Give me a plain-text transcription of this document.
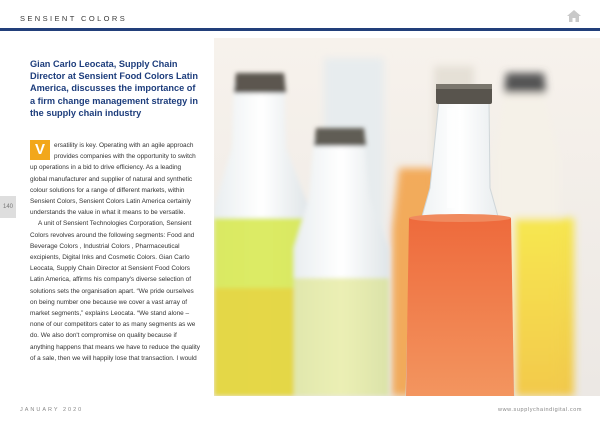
SENSIENT COLORS
140
Gian Carlo Leocata, Supply Chain Director at Sensient Food Colors Latin America, discusses the importance of a firm change management strategy in the supply chain industry
V	ersatility is key. Operating with an agile approach provides companies with the opportunity to switch up operations in a bid to drive efficiency. As a leading global manufacturer and supplier of natural and synthetic colour solutions for a range of different markets, within Sensient Colors, Sensient Colors Latin America certainly understands the value in what it means to be versatile.

A unit of Sensient Technologies Corporation, Sensient Colors revolves around the following segments: Food and Beverage Colors , Industrial Colors , Pharmaceutical excipients, Digital Inks and Cosmetic Colors. Gian Carlo Leocata, Supply Chain Director at Sensient Food Colors Latin America, affirms his company's diverse selection of solutions sets the organisation apart. “We pride ourselves on being number one because we cover a vast array of market segments,” explains Leocata. “We stand alone – none of our competitors cater to as many segments as we do. We also don't compromise on quality because if anything happens that means we have to reduce the quality of a sale, then we will happily lose that transaction. I would

JANUARY 2020	www.supplychaindigital.com
